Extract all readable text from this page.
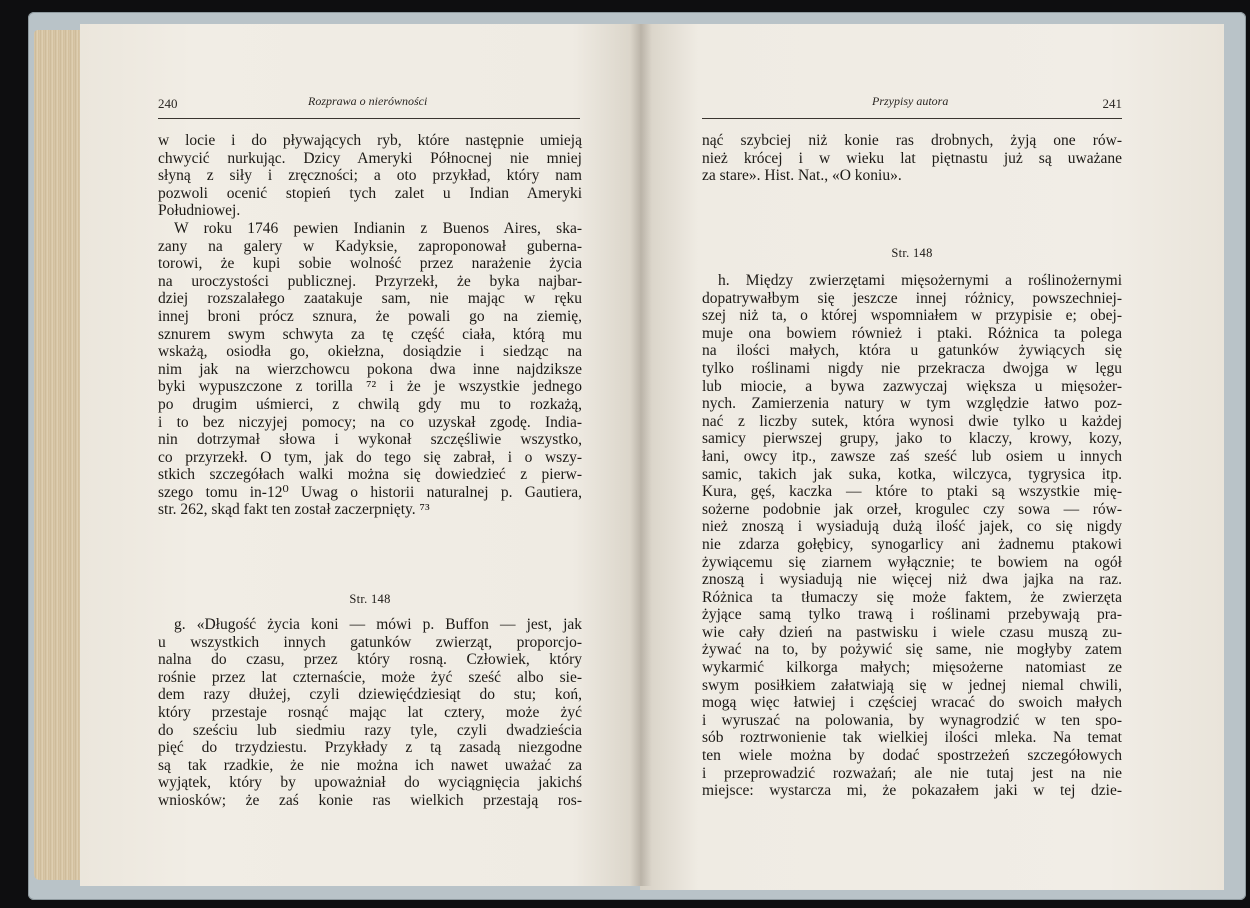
240	Rozprawa o nierówności
w locie i do pływających ryb, które następnie umieją
chwycić nurkując. Dzicy Ameryki Północnej nie mniej
słyną z siły i zręczności; a oto przykład, który nam
pozwoli ocenić stopień tych zalet u Indian Ameryki
Południowej.
W roku 1746 pewien Indianin z Buenos Aires, ska-
zany na galery w Kadyksie, zaproponował guberna-
torowi, że kupi sobie wolność przez narażenie życia
na uroczystości publicznej. Przyrzekł, że byka najbar-
dziej rozszalałego zaatakuje sam, nie mając w ręku
innej broni prócz sznura, że powali go na ziemię,
sznurem swym schwyta za tę część ciała, którą mu
wskażą, osiodła go, okiełzna, dosiądzie i siedząc na
nim jak na wierzchowcu pokona dwa inne najdziksze
byki wypuszczone z torilla ⁷² i że je wszystkie jednego
po drugim uśmierci, z chwilą gdy mu to rozkażą,
i to bez niczyjej pomocy; na co uzyskał zgodę. India-
nin dotrzymał słowa i wykonał szczęśliwie wszystko,
co przyrzekł. O tym, jak do tego się zabrał, i o wszy-
stkich szczegółach walki można się dowiedzieć z pierw-
szego tomu in-12⁰ Uwag o historii naturalnej p. Gautiera,
str. 262, skąd fakt ten został zaczerpnięty. ⁷³
Str. 148
g. «Długość życia koni — mówi p. Buffon — jest, jak
u wszystkich innych gatunków zwierząt, proporcjo-
nalna do czasu, przez który rosną. Człowiek, który
rośnie przez lat czternaście, może żyć sześć albo sie-
dem razy dłużej, czyli dziewięćdziesiąt do stu; koń,
który przestaje rosnąć mając lat cztery, może żyć
do sześciu lub siedmiu razy tyle, czyli dwadzieścia
pięć do trzydziestu. Przykłady z tą zasadą niezgodne
są tak rzadkie, że nie można ich nawet uważać za
wyjątek, który by upoważniał do wyciągnięcia jakichś
wniosków; że zaś konie ras wielkich przestają ros-
Przypisy autora	241
nąć szybciej niż konie ras drobnych, żyją one rów-
nież krócej i w wieku lat piętnastu już są uważane
za stare». Hist. Nat., «O koniu».
Str. 148
h. Między zwierzętami mięsożernymi a roślinożernymi
dopatrywałbym się jeszcze innej różnicy, powszechniej-
szej niż ta, o której wspomniałem w przypisie e; obej-
muje ona bowiem również i ptaki. Różnica ta polega
na ilości małych, która u gatunków żywiących się
tylko roślinami nigdy nie przekracza dwojga w lęgu
lub miocie, a bywa zazwyczaj większa u mięsożer-
nych. Zamierzenia natury w tym względzie łatwo poz-
nać z liczby sutek, która wynosi dwie tylko u każdej
samicy pierwszej grupy, jako to klaczy, krowy, kozy,
łani, owcy itp., zawsze zaś sześć lub osiem u innych
samic, takich jak suka, kotka, wilczyca, tygrysica itp.
Kura, gęś, kaczka — które to ptaki są wszystkie mię-
sożerne podobnie jak orzeł, krogulec czy sowa — rów-
nież znoszą i wysiadują dużą ilość jajek, co się nigdy
nie zdarza gołębicy, synogarlicy ani żadnemu ptakowi
żywiącemu się ziarnem wyłącznie; te bowiem na ogół
znoszą i wysiadują nie więcej niż dwa jajka na raz.
Różnica ta tłumaczy się może faktem, że zwierzęta
żyjące samą tylko trawą i roślinami przebywają pra-
wie cały dzień na pastwisku i wiele czasu muszą zu-
żywać na to, by pożywić się same, nie mogłyby zatem
wykarmić kilkorga małych; mięsożerne natomiast ze
swym posiłkiem załatwiają się w jednej niemal chwili,
mogą więc łatwiej i częściej wracać do swoich małych
i wyruszać na polowania, by wynagrodzić w ten spo-
sób roztrwonienie tak wielkiej ilości mleka. Na temat
ten wiele można by dodać spostrzeżeń szczegółowych
i przeprowadzić rozważań; ale nie tutaj jest na nie
miejsce: wystarcza mi, że pokazałem jaki w tej dzie-
